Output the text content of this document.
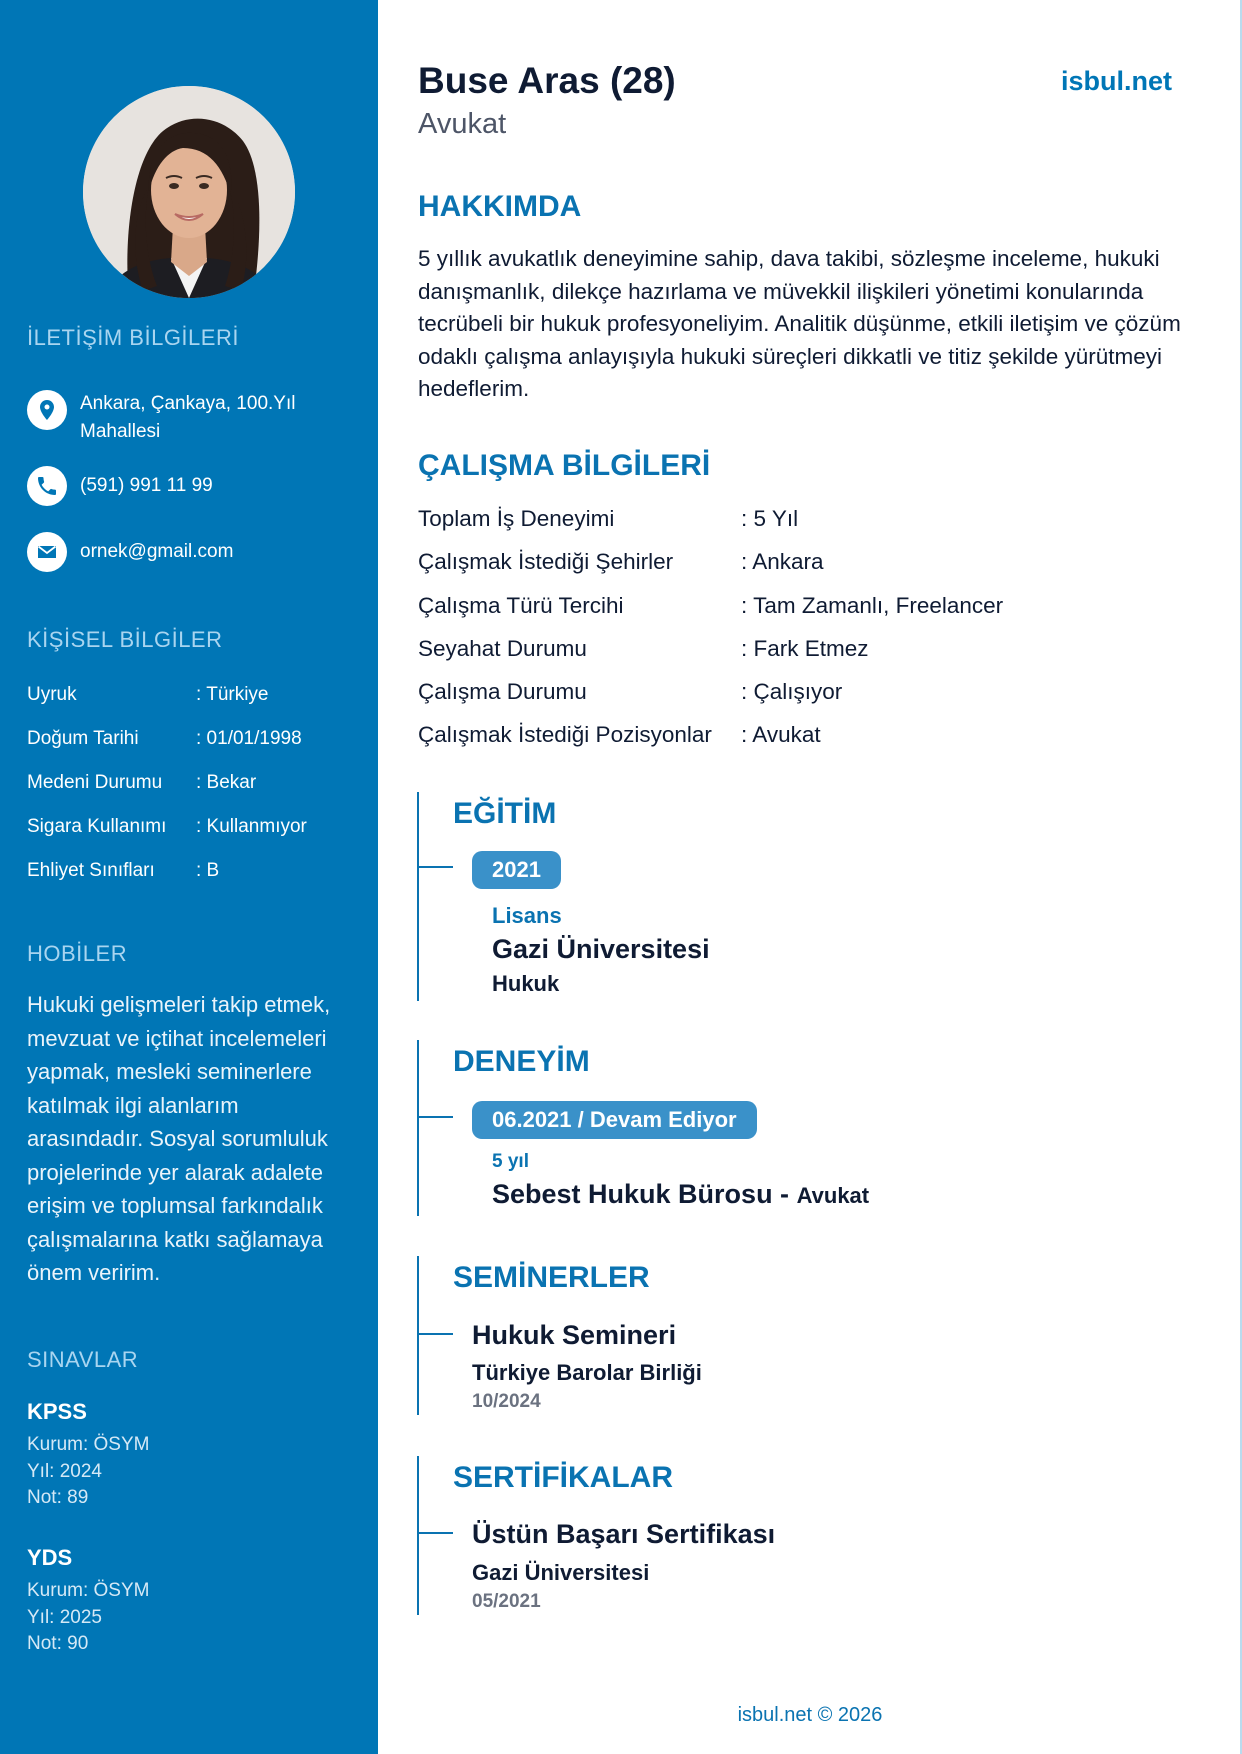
İLETİŞİM BİLGİLERİ
Ankara, Çankaya, 100.Yıl Mahallesi
(591) 991 11 99
ornek@gmail.com
KİŞİSEL BİLGİLER
Uyruk	: Türkiye
Doğum Tarihi	: 01/01/1998
Medeni Durumu	: Bekar
Sigara Kullanımı	: Kullanmıyor
Ehliyet Sınıfları	: B
HOBİLER
Hukuki gelişmeleri takip etmek, mevzuat ve içtihat incelemeleri yapmak, mesleki seminerlere katılmak ilgi alanlarım arasındadır. Sosyal sorumluluk projelerinde yer alarak adalete erişim ve toplumsal farkındalık çalışmalarına katkı sağlamaya önem veririm.
SINAVLAR
KPSS
Kurum: ÖSYM
Yıl: 2024
Not: 89
YDS
Kurum: ÖSYM
Yıl: 2025
Not: 90
Buse Aras (28)
Avukat
isbul.net
HAKKIMDA
5 yıllık avukatlık deneyimine sahip, dava takibi, sözleşme inceleme, hukuki danışmanlık, dilekçe hazırlama ve müvekkil ilişkileri yönetimi konularında tecrübeli bir hukuk profesyoneliyim. Analitik düşünme, etkili iletişim ve çözüm odaklı çalışma anlayışıyla hukuki süreçleri dikkatli ve titiz şekilde yürütmeyi hedeflerim.
ÇALIŞMA BİLGİLERİ
Toplam İş Deneyimi	: 5 Yıl
Çalışmak İstediği Şehirler	: Ankara
Çalışma Türü Tercihi	: Tam Zamanlı, Freelancer
Seyahat Durumu	: Fark Etmez
Çalışma Durumu	: Çalışıyor
Çalışmak İstediği Pozisyonlar	: Avukat
EĞİTİM
2021
Lisans
Gazi Üniversitesi
Hukuk
DENEYİM
06.2021 / Devam Ediyor
5 yıl
Sebest Hukuk Bürosu - Avukat
SEMİNERLER
Hukuk Semineri
Türkiye Barolar Birliği
10/2024
SERTİFİKALAR
Üstün Başarı Sertifikası
Gazi Üniversitesi
05/2021
isbul.net © 2026
